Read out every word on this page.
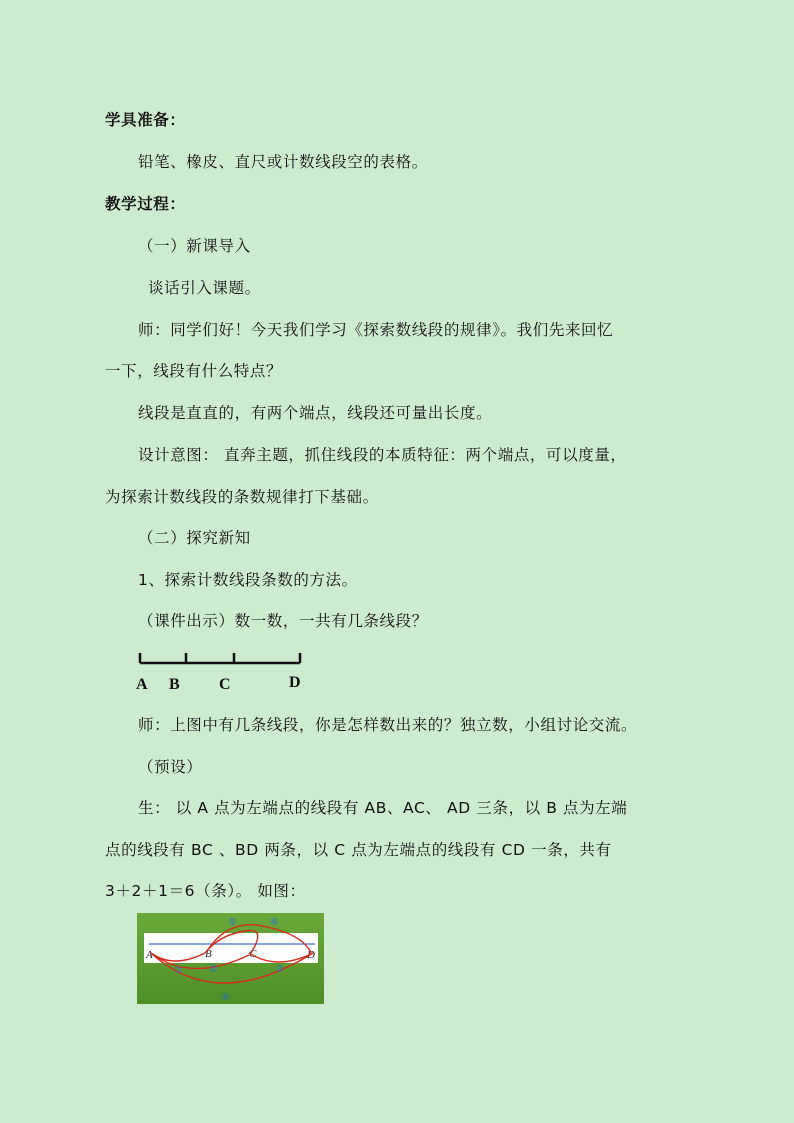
学具准备：
铅笔、橡皮、直尺或计数线段空的表格。
教学过程：
（一）新课导入
谈话引入课题。
师：同学们好！今天我们学习《探索数线段的规律》。我们先来回忆
一下，线段有什么特点？
线段是直直的，有两个端点，线段还可量出长度。
设计意图： 直奔主题，抓住线段的本质特征：两个端点，可以度量，
为探索计数线段的条数规律打下基础。
（二）探究新知
1、探索计数线段条数的方法。
（课件出示）数一数，一共有几条线段？
A B C	D
师：上图中有几条线段，你是怎样数出来的？独立数，小组讨论交流。
（预设）
生： 以 A 点为左端点的线段有 AB、AC、 AD 三条，以 B 点为左端
点的线段有 BC 、BD 两条，以 C 点为左端点的线段有 CD 一条，共有
3＋2＋1＝6（条）。 如图：
A	B	C	D
①	②	③
④
⑤	⑥
